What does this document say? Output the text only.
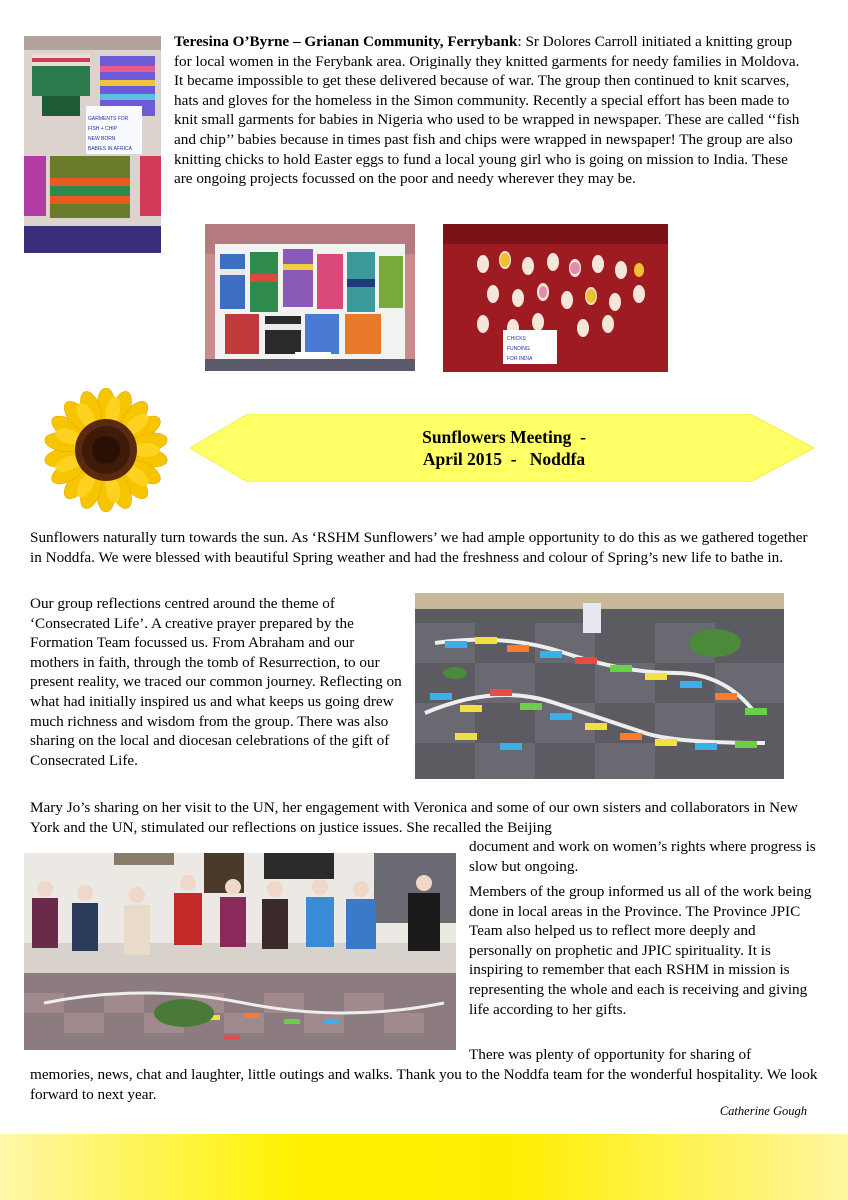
GARMENTS FOR
FISH + CHIP
NEW BORN
BABIES IN AFRICA

Teresina O’Byrne – Grianan Community, Ferrybank: Sr Dolores Carroll initiated a knitting group for local women in the Ferybank area. Originally they knitted garments for needy families in Moldova. It became impossible to get these delivered because of war. The group then continued to knit scarves, hats and gloves for the homeless in the Simon community. Recently a special effort has been made to knit small garments for babies in Nigeria who used to be wrapped in newspaper. These are called ‘‘fish and chip’’ babies because in times past fish and chips were wrapped in newspaper! The group are also knitting chicks to hold Easter eggs to fund a local young girl who is going on mission to India. These are ongoing projects focussed on the poor and needy wherever they may be.

CHICKS
FUNDING
FOR INDIA
Sunflowers Meeting  -
April 2015  -   Noddfa

Sunflowers naturally turn towards the sun. As ‘RSHM Sunflowers’ we had ample opportunity to do this as we gathered together in Noddfa. We were blessed with beautiful Spring weather and had the freshness and colour of Spring’s new life to bathe in.

Our group reflections centred around the theme of ‘Consecrated Life’. A creative prayer prepared by the Formation Team focussed us. From Abraham and our mothers in faith, through the tomb of Resurrection, to our present reality, we traced our common journey. Reflecting on what had initially inspired us and what keeps us going drew much richness and wisdom from the group. There was also sharing on the local and diocesan celebrations of the gift of Consecrated Life.

Mary Jo’s sharing on her visit to the UN, her engagement with Veronica and some of our own sisters and collaborators in New York and the UN, stimulated our reflections on justice issues. She recalled the Beijing

document and work on women’s rights where progress is slow but ongoing.

Members of the group informed us all of the work being done in local areas in the Province. The Province JPIC Team also helped us to reflect more deeply and personally on prophetic and JPIC spirituality. It is inspiring to remember that each RSHM in mission is representing the whole and each is receiving and giving life according to her gifts.

There was plenty of opportunity for sharing of

memories, news, chat and laughter, little outings and walks. Thank you to the Noddfa team for the wonderful hospitality. We look forward to next year.

Catherine Gough
